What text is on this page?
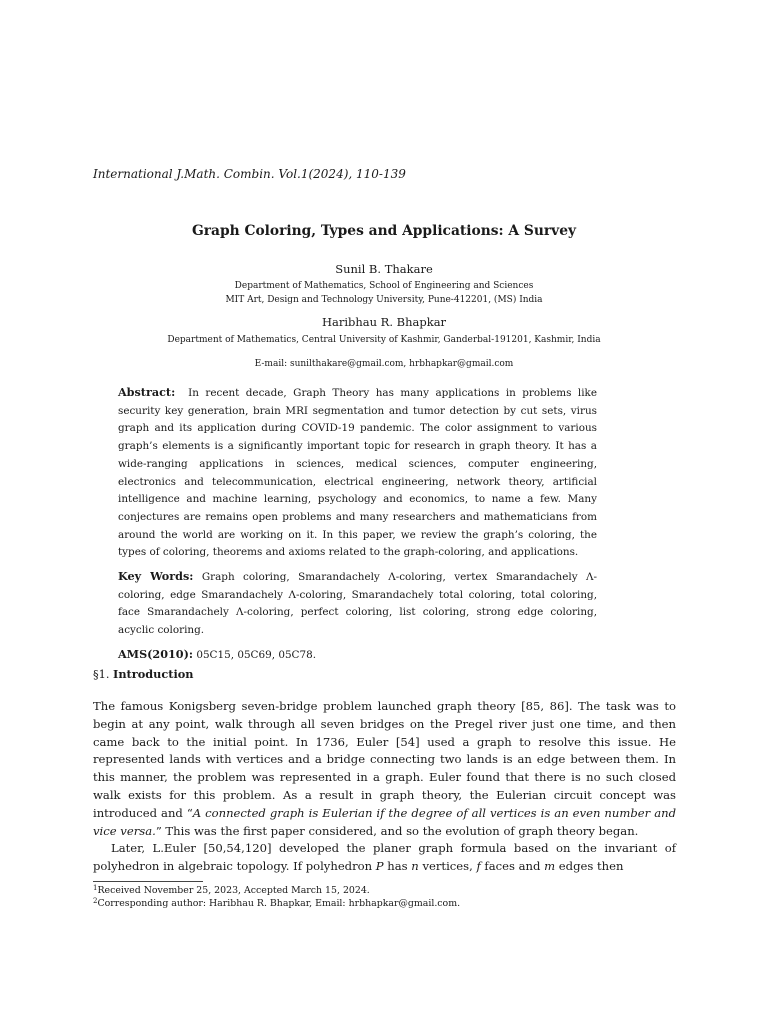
International J.Math. Combin. Vol.1(2024), 110-139
Graph Coloring, Types and Applications: A Survey
Sunil B. Thakare
Department of Mathematics, School of Engineering and Sciences
MIT Art, Design and Technology University, Pune-412201, (MS) India
Haribhau R. Bhapkar
Department of Mathematics, Central University of Kashmir, Ganderbal-191201, Kashmir, India
E-mail: sunilthakare@gmail.com, hrbhapkar@gmail.com

Abstract: In recent decade, Graph Theory has many applications in problems like security key generation, brain MRI segmentation and tumor detection by cut sets, virus graph and its application during COVID-19 pandemic. The color assignment to various graph’s elements is a significantly important topic for research in graph theory. It has a wide-ranging applications in sciences, medical sciences, computer engineering, electronics and telecommunication, electrical engineering, network theory, artificial intelligence and machine learning, psychology and economics, to name a few. Many conjectures are remains open problems and many researchers and mathematicians from around the world are working on it. In this paper, we review the graph’s coloring, the types of coloring, theorems and axioms related to the graph-coloring, and applications.

Key Words: Graph coloring, Smarandachely Λ-coloring, vertex Smarandachely Λ-coloring, edge Smarandachely Λ-coloring, Smarandachely total coloring, total coloring, face Smarandachely Λ-coloring, perfect coloring, list coloring, strong edge coloring, acyclic coloring.

AMS(2010): 05C15, 05C69, 05C78.

§1. Introduction

The famous Konigsberg seven-bridge problem launched graph theory [85, 86]. The task was to begin at any point, walk through all seven bridges on the Pregel river just one time, and then came back to the initial point. In 1736, Euler [54] used a graph to resolve this issue. He represented lands with vertices and a bridge connecting two lands is an edge between them. In this manner, the problem was represented in a graph. Euler found that there is no such closed walk exists for this problem. As a result in graph theory, the Eulerian circuit concept was introduced and “A connected graph is Eulerian if the degree of all vertices is an even number and vice versa.” This was the first paper considered, and so the evolution of graph theory began.

Later, L.Euler [50,54,120] developed the planer graph formula based on the invariant of polyhedron in algebraic topology. If polyhedron P has n vertices, f faces and m edges then

$^1$Received November 25, 2023, Accepted March 15, 2024.

$^2$Corresponding author: Haribhau R. Bhapkar, Email: hrbhapkar@gmail.com.
